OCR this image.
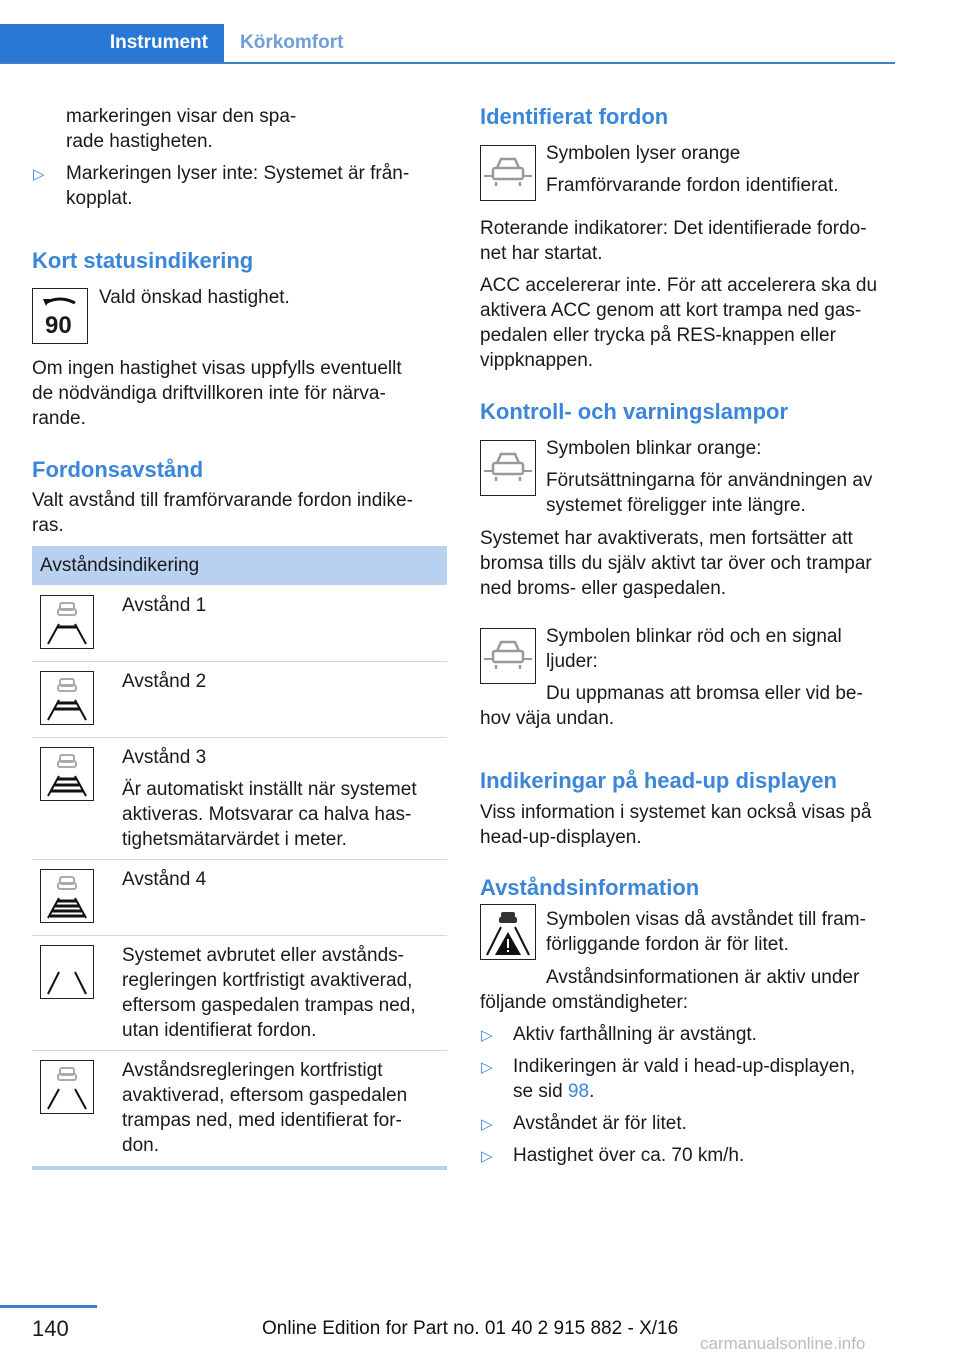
Instrument	Körkomfort
markeringen visar den spa‐
rade hastigheten.
▷ Markeringen lyser inte: Systemet är från‐
kopplat.
Kort statusindikering
90
Vald önskad hastighet.
Om ingen hastighet visas uppfylls eventuellt
de nödvändiga driftvillkoren inte för närva‐
rande.
Fordonsavstånd
Valt avstånd till framförvarande fordon indike‐
ras.
Avståndsindikering
Avstånd 1
Avstånd 2
Avstånd 3
Är automatiskt inställt när systemet
aktiveras. Motsvarar ca halva has‐
tighetsmätarvärdet i meter.
Avstånd 4
Systemet avbrutet eller avstånds‐
regleringen kortfristigt avaktiverad,
eftersom gaspedalen trampas ned,
utan identifierat fordon.
Avståndsregleringen kortfristigt
avaktiverad, eftersom gaspedalen
trampas ned, med identifierat for‐
don.
Identifierat fordon
Symbolen lyser orange
Framförvarande fordon identifierat.
Roterande indikatorer: Det identifierade fordo‐
net har startat.
ACC accelererar inte. För att accelerera ska du
aktivera ACC genom att kort trampa ned gas‐
pedalen eller trycka på RES-knappen eller
vippknappen.
Kontroll- och varningslampor
Symbolen blinkar orange:
Förutsättningarna för användningen av
systemet föreligger inte längre.
Systemet har avaktiverats, men fortsätter att
bromsa tills du själv aktivt tar över och trampar
ned broms- eller gaspedalen.
Symbolen blinkar röd och en signal
ljuder:
Du uppmanas att bromsa eller vid be‐
hov väja undan.
Indikeringar på head-up displayen
Viss information i systemet kan också visas på
head-up-displayen.
Avståndsinformation
Symbolen visas då avståndet till fram‐
förliggande fordon är för litet.
Avståndsinformationen är aktiv under
följande omständigheter:
▷ Aktiv farthållning är avstängt.
▷ Indikeringen är vald i head-up-displayen,
se sid 98.
▷ Avståndet är för litet.
▷ Hastighet över ca. 70 km/h.
140	Online Edition for Part no. 01 40 2 915 882 - X/16
carmanualsonline.info
